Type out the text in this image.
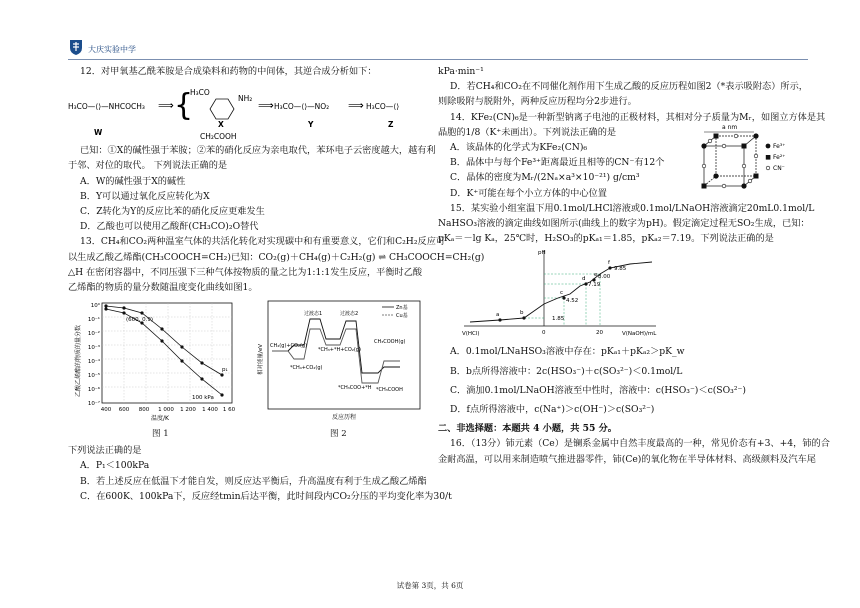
大庆实验中学

12．对甲氧基乙酰苯胺是合成染料和药物的中间体，其逆合成分析如下：

H₃CO—⟨⟩—NHCOCH₃
W
⟹ {
H₃CO
NH₂
X
CH₂COOH
⟹ H₃CO—⟨⟩—NO₂
Y
⟹ H₃CO—⟨⟩
Z

已知：①X的碱性强于苯胺；②苯的硝化反应为亲电取代，苯环电子云密度越大，越有利

于邻、对位的取代。 下列说法正确的是

A．W的碱性强于X的碱性

B．Y可以通过氧化反应转化为X

C．Z转化为Y的反应比苯的硝化反应更难发生

D．乙酸也可以使用乙酸酐(CH₃CO)₂O替代

13．CH₄和CO₂两种温室气体的共活化转化对实现碳中和有重要意义，它们和C₂H₂反应可

以生成乙酸乙烯酯(CH₃COOCH=CH₂)已知：CO₂(g)＋CH₄(g)＋C₂H₂(g) ⇌ CH₃COOCH=CH₂(g)

△H 在密闭容器中，不同压强下三种气体按物质的量之比为1:1:1发生反应，平衡时乙酸

乙烯酯的物质的量分数随温度变化曲线如图1。

乙酸乙烯酯的物质的量分数
10⁰
10⁻¹
10⁻²
10⁻³
10⁻⁴
10⁻⁵
10⁻⁶
10⁻⁷
400 600 800 1 000 1 200 1 400 1 60
温度/K
(600, 0.9)
p₁
100 kPa
图 1
相对能量/eV
反应历程
Zn基
Cu基
过渡态1	过渡态2
CH₄(g)+CO₂(g)
*CH₃+*H+CO₂(g)
*CH₄+CO₂(g)
CH₃COOH(g)
*CH₃COO+*H *CH₃COOH
图 2

下列说法正确的是

A．P₁＜100kPa

B．若上述反应在低温下才能自发，则反应达平衡后，升高温度有利于生成乙酸乙烯酯

C．在600K、100kPa下，反应经tmin后达平衡，此时间段内CO₂分压的平均变化率为30/t

kPa·min⁻¹

D．若CH₄和CO₂在不同催化剂作用下生成乙酸的反应历程如图2（*表示吸附态）所示，

则除吸附与脱附外，两种反应历程均分2步进行。

14．KFe₂(CN)₆是一种新型钠离子电池的正极材料，其相对分子质量为Mᵣ，如图立方体是其

晶胞的1/8（K⁺未画出）。下列说法正确的是

A．该晶体的化学式为KFe₂(CN)₆

B．晶体中与每个Fe³⁺距离最近且相等的CN⁻有12个

C．晶体的密度为Mᵣ/(2Nₐ×a³×10⁻²¹) g/cm³

D．K⁺可能在每个小立方体的中心位置

a nm
Fe³⁺
Fe²⁺
CN⁻

15．某实验小组室温下用0.1mol/LHCl溶液或0.1mol/LNaOH溶液滴定20mL0.1mol/L

NaHSO₃溶液的滴定曲线如图所示(曲线上的数字为pH)。假定滴定过程无SO₂生成，已知：

pKₐ＝－lg Kₐ，25℃时，H₂SO₃的pKₐ₁＝1.85，pKₐ₂＝7.19。下列说法正确的是

pH
V(HCl)	V(NaOH)/mL
0	20
a	b
c
d
e
f
1.85
4.52
7.19
8.00
9.85

A．0.1mol/LNaHSO₃溶液中存在：pKₐ₁＋pKₐ₂＞pK_w

B．b点所得溶液中：2c(HSO₃⁻)＋c(SO₃²⁻)＜0.1mol/L

C．滴加0.1mol/LNaOH溶液至中性时，溶液中：c(HSO₃⁻)＜c(SO₃²⁻)

D．f点所得溶液中，c(Na⁺)＞c(OH⁻)＞c(SO₃²⁻)

二、非选择题：本题共 4 小题，共 55 分。

16．（13分）铈元素（Ce）是镧系金属中自然丰度最高的一种，常见价态有+3、+4，铈的合

金耐高温，可以用来制造喷气推进器零件，铈(Ce)的氧化物在半导体材料、高级颜料及汽车尾

试卷第 3页，共 6页
